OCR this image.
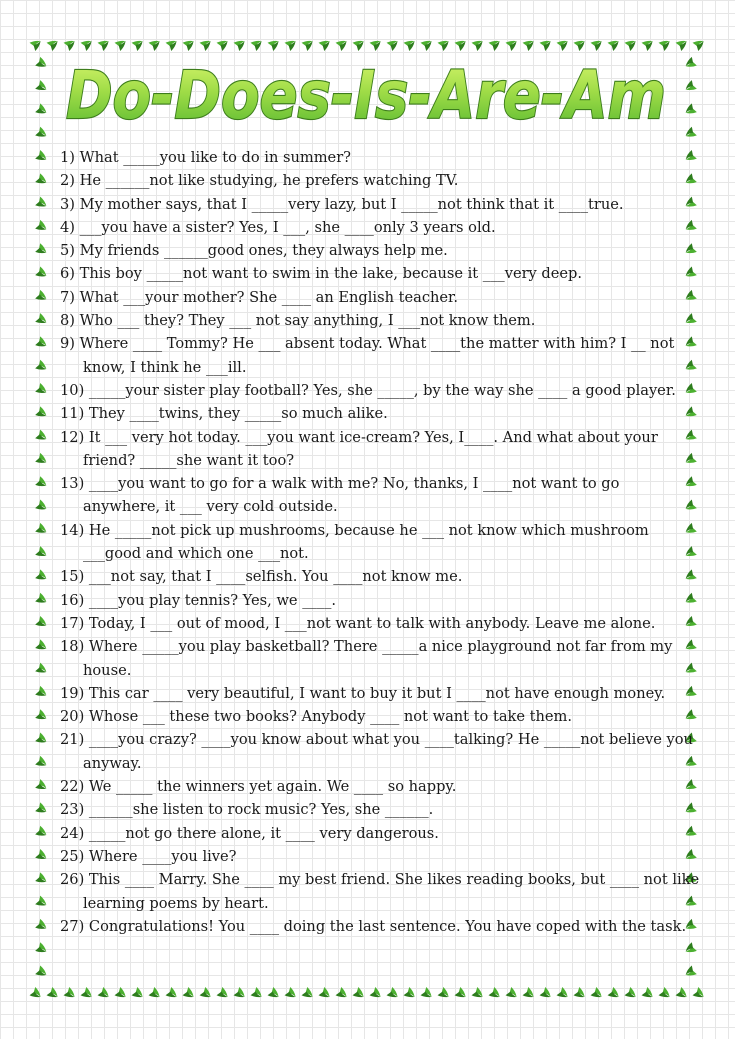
Do-Does-Is-Are-Am
1) What _____you like to do in summer?
2) He ______not like studying, he prefers watching TV.
3) My mother says, that I _____very lazy, but I _____not think that it ____true.
4) ___you have a sister? Yes, I ___, she ____only 3 years old.
5) My friends ______good ones, they always help me.
6) This boy _____not want to swim in the lake, because it ___very deep.
7) What ___your mother? She ____ an English teacher.
8) Who ___ they? They ___ not say anything, I ___not know them.
9) Where ____ Tommy? He ___ absent today. What ____the matter with him? I __ not
know, I think he ___ill.
10) _____your sister play football? Yes, she _____, by the way she ____ a good player.
11) They ____twins, they _____so much alike.
12) It ___ very hot today. ___you want ice-cream? Yes, I____. And what about your
friend? _____she want it too?
13) ____you want to go for a walk with me? No, thanks, I ____not want to go
anywhere, it ___ very cold outside.
14) He _____not pick up mushrooms, because he ___ not know which mushroom
___good and which one ___not.
15) ___not say, that I ____selfish. You ____not know me.
16) ____you play tennis? Yes, we ____.
17) Today, I ___ out of mood, I ___not want to talk with anybody. Leave me alone.
18) Where _____you play basketball? There _____a nice playground not far from my
house.
19) This car ____ very beautiful, I want to buy it but I ____not have enough money.
20) Whose ___ these two books? Anybody ____ not want to take them.
21) ____you crazy? ____you know about what you ____talking? He _____not believe you
anyway.
22) We _____ the winners yet again. We ____ so happy.
23) ______she listen to rock music? Yes, she ______.
24) _____not go there alone, it ____ very dangerous.
25) Where ____you live?
26) This ____ Marry. She ____ my best friend. She likes reading books, but ____ not like
learning poems by heart.
27) Congratulations! You ____ doing the last sentence. You have coped with the task.
